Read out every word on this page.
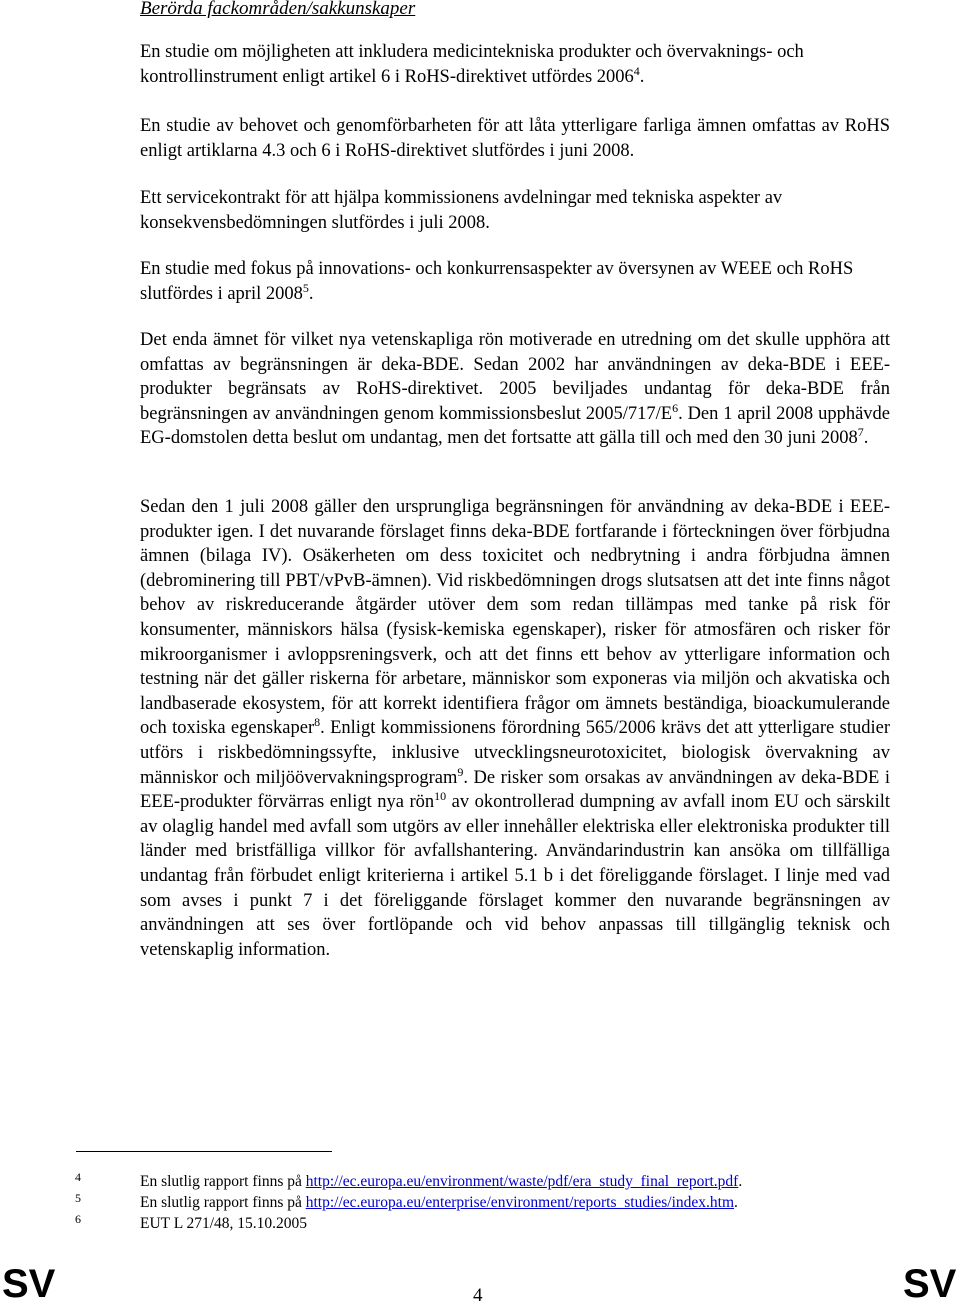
Berörda fackområden/sakkunskaper

En studie om möjligheten att inkludera medicintekniska produkter och övervaknings- och kontrollinstrument enligt artikel 6 i RoHS-direktivet utfördes 2006$^4$.

En studie av behovet och genomförbarheten för att låta ytterligare farliga ämnen omfattas av RoHS enligt artiklarna 4.3 och 6 i RoHS-direktivet slutfördes i juni 2008.

Ett servicekontrakt för att hjälpa kommissionens avdelningar med tekniska aspekter av konsekvensbedömningen slutfördes i juli 2008.

En studie med fokus på innovations- och konkurrensaspekter av översynen av WEEE och RoHS slutfördes i april 2008$^5$.

Det enda ämnet för vilket nya vetenskapliga rön motiverade en utredning om det skulle upphöra att omfattas av begränsningen är deka-BDE. Sedan 2002 har användningen av deka-BDE i EEE-produkter begränsats av RoHS-direktivet. 2005 beviljades undantag för deka-BDE från begränsningen av användningen genom kommissionsbeslut $2005/717/E^6$. Den 1 april 2008 upphävde EG-domstolen detta beslut om undantag, men det fortsatte att gälla till och med den 30 juni 2008$^7$.

Sedan den 1 juli 2008 gäller den ursprungliga begränsningen för användning av deka-BDE i EEE-produkter igen. I det nuvarande förslaget finns deka-BDE fortfarande i förteckningen över förbjudna ämnen (bilaga IV). Osäkerheten om dess toxicitet och nedbrytning i andra förbjudna ämnen (debrominering till PBT/vPvB-ämnen). Vid riskbedömningen drogs slutsatsen att det inte finns något behov av riskreducerande åtgärder utöver dem som redan tillämpas med tanke på risk för konsumenter, människors hälsa (fysisk-kemiska egenskaper), risker för atmosfären och risker för mikroorganismer i avloppsreningsverk, och att det finns ett behov av ytterligare information och testning när det gäller riskerna för arbetare, människor som exponeras via miljön och akvatiska och landbaserade ekosystem, för att korrekt identifiera frågor om ämnets beständiga, bioackumulerande och toxiska egenskaper$^8$. Enligt kommissionens förordning 565/2006 krävs det att ytterligare studier utförs i riskbedömningssyfte, inklusive utvecklingsneurotoxicitet, biologisk övervakning av människor och miljöövervakningsprogram$^9$. De risker som orsakas av användningen av deka-BDE i EEE-produkter förvärras enligt nya rön$^{10}$ av okontrollerad dumpning av avfall inom EU och särskilt av olaglig handel med avfall som utgörs av eller innehåller elektriska eller elektroniska produkter till länder med bristfälliga villkor för avfallshantering. Användarindustrin kan ansöka om tillfälliga undantag från förbudet enligt kriterierna i artikel 5.1 b i det föreliggande förslaget. I linje med vad som avses i punkt 7 i det föreliggande förslaget kommer den nuvarande begränsningen av användningen att ses över fortlöpande och vid behov anpassas till tillgänglig teknisk och vetenskaplig information.

4	En slutlig rapport finns på http://ec.europa.eu/environment/waste/pdf/era_study_final_report.pdf.
5	En slutlig rapport finns på http://ec.europa.eu/enterprise/environment/reports_studies/index.htm.
6	EUT L 271/48, 15.10.2005
SV	4	SV
